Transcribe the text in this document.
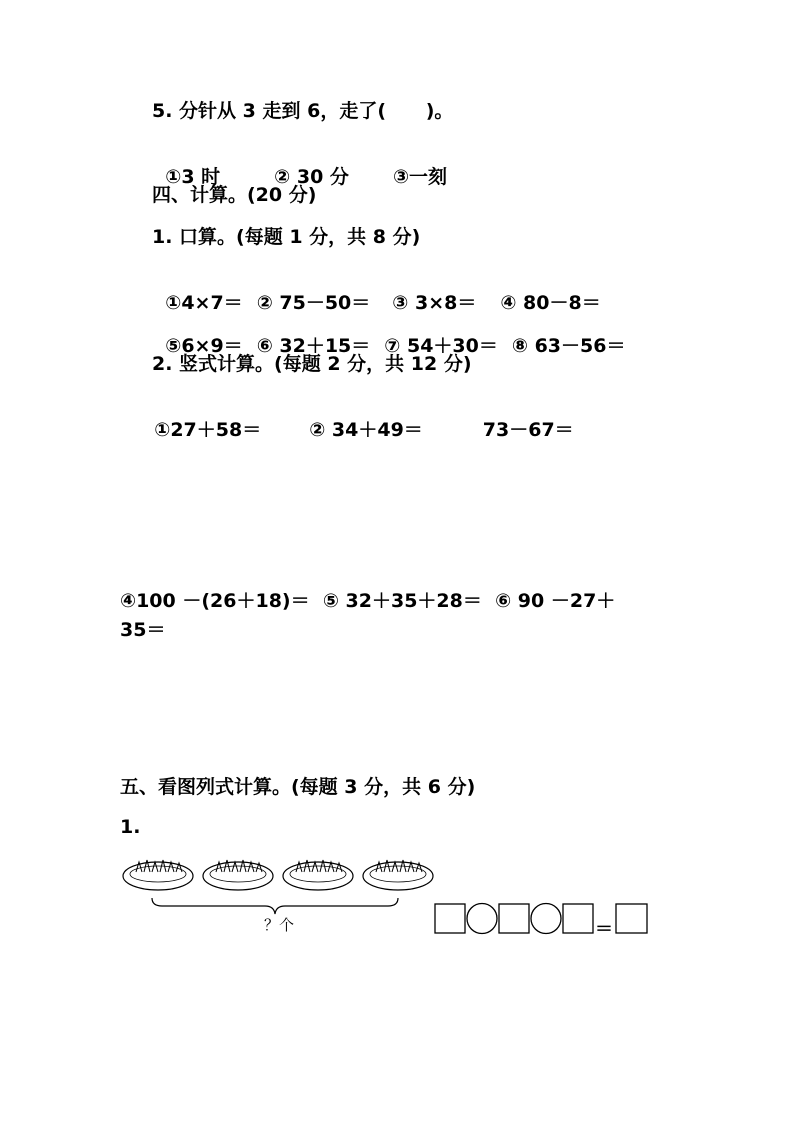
5. 分针从 3 走到 6，走了(      )。

①3 时	② 30 分 ③一刻

四、计算。(20 分)
1. 口算。(每题 1 分，共 8 分)

①4×7＝ ② 75－50＝ ③ 3×8＝ ④ 80－8＝

⑤6×9＝ ⑥ 32＋15＝ ⑦ 54＋30＝ ⑧ 63－56＝

2. 竖式计算。(每题 2 分，共 12 分)

①27＋58＝	② 34＋49＝	73－67＝

④100 －(26＋18)＝  ⑤ 32＋35＋28＝  ⑥ 90 －27＋
35＝
五、看图列式计算。(每题 3 分，共 6 分)
1.
？个	＝
